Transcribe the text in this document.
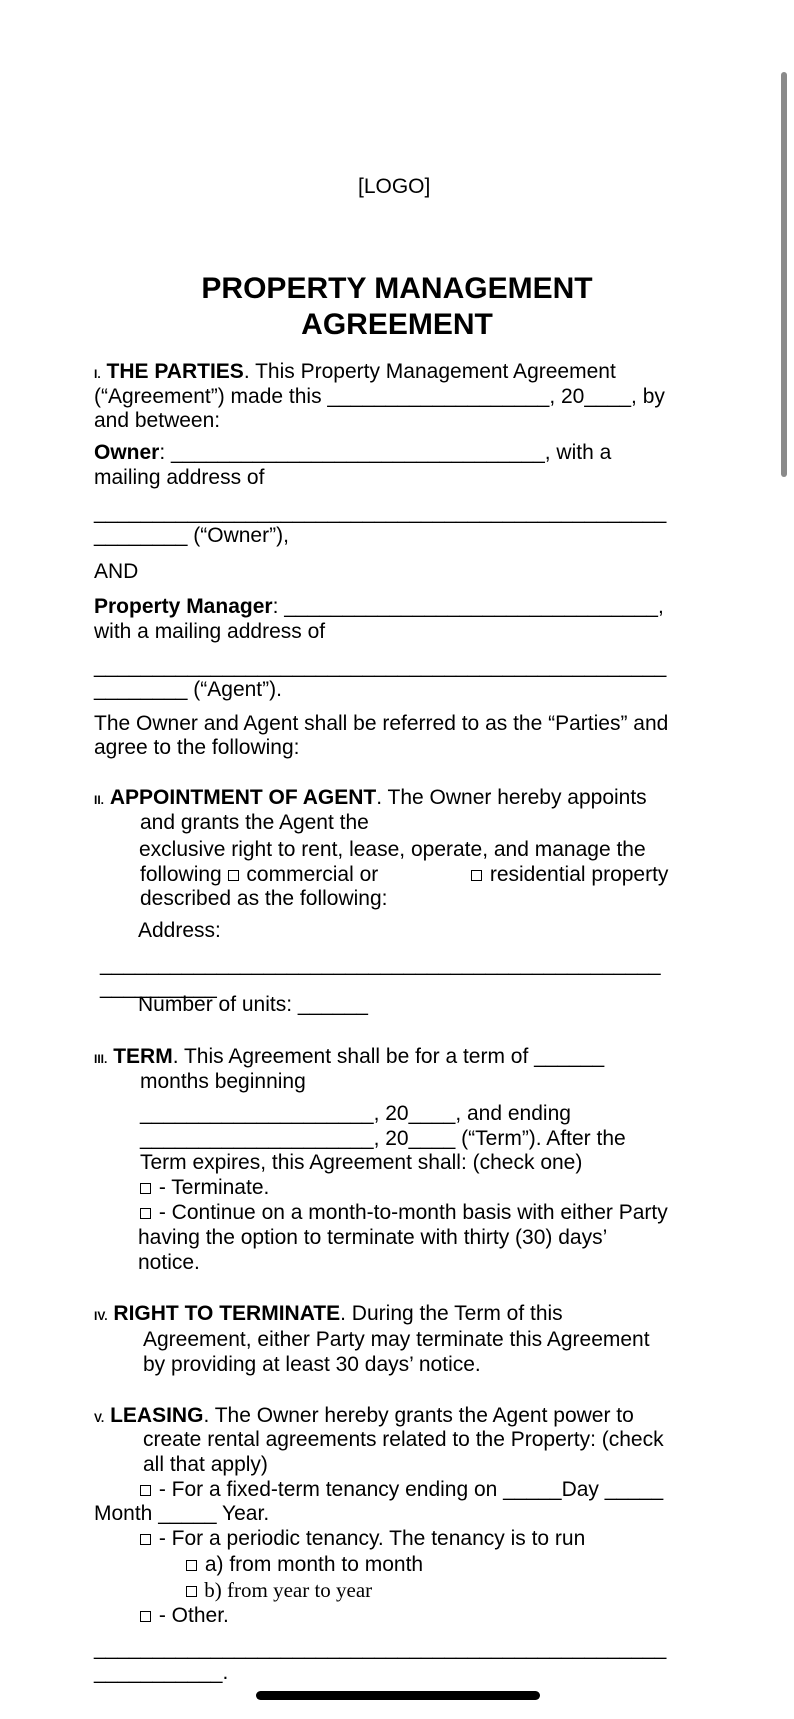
[LOGO]
PROPERTY MANAGEMENT
AGREEMENT
I. THE PARTIES. This Property Management Agreement
(“Agreement”) made this ___________________, 20____, by
and between:
Owner: ________________________________, with a
mailing address of
_________________________________________________
________ (“Owner”),
AND
Property Manager: ________________________________,
with a mailing address of
_________________________________________________
________ (“Agent”).
The Owner and Agent shall be referred to as the “Parties” and
agree to the following:
II. APPOINTMENT OF AGENT. The Owner hereby appoints
and grants the Agent the
exclusive right to rent, lease, operate, and manage the
following commercial or	residential property
described as the following:
Address:
________________________________________________
__________
Number of units: ______
III. TERM. This Agreement shall be for a term of ______
months beginning
____________________, 20____, and ending
____________________, 20____ (“Term”). After the
Term expires, this Agreement shall: (check one)
- Terminate.
- Continue on a month-to-month basis with either Party
having the option to terminate with thirty (30) days’
notice.
IV. RIGHT TO TERMINATE. During the Term of this
Agreement, either Party may terminate this Agreement
by providing at least 30 days’ notice.
V. LEASING. The Owner hereby grants the Agent power to
create rental agreements related to the Property: (check
all that apply)
- For a fixed-term tenancy ending on _____Day _____
Month _____ Year.
- For a periodic tenancy. The tenancy is to run
a) from month to month
b) from year to year
- Other.
_________________________________________________
___________.
